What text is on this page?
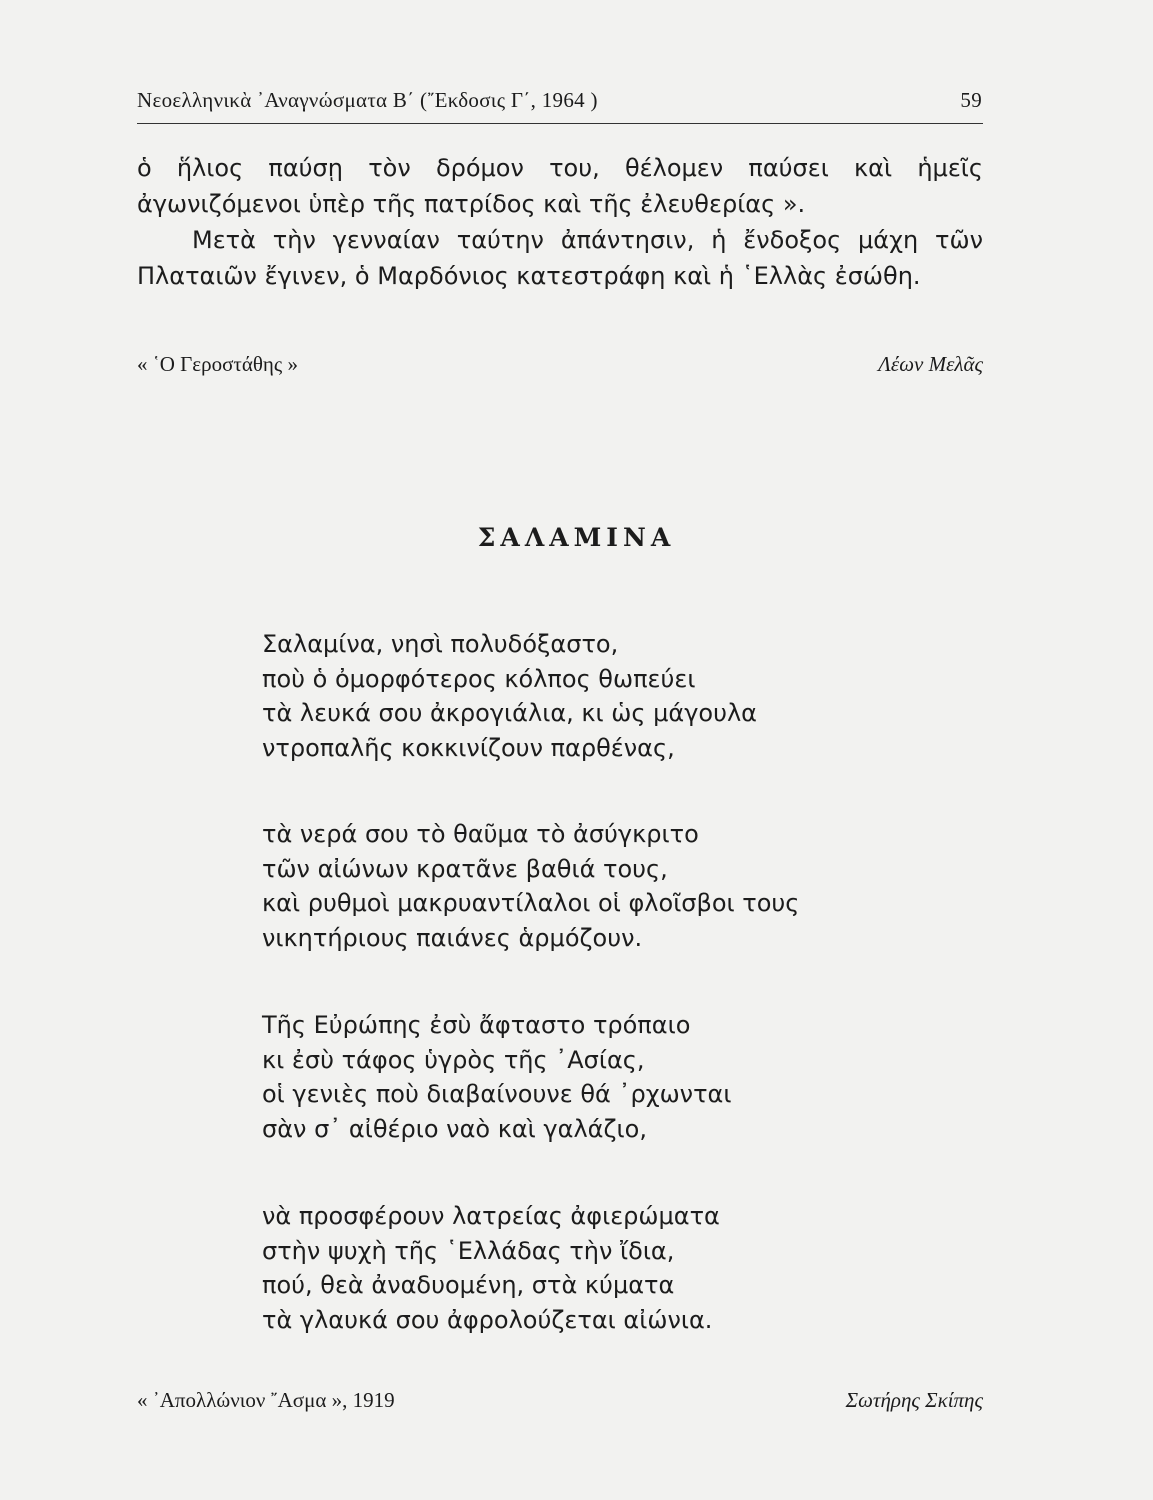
Νεοελληνικὰ ᾿Αναγνώσματα Β΄ (῎Εκδοσις Γ΄, 1964 )	59

ὁ ἥλιος παύσῃ τὸν δρόμον του, θέλομεν παύσει καὶ ἡμεῖς ἀγωνιζόμενοι ὑπὲρ τῆς πατρίδος καὶ τῆς ἐλευθερίας ».

Μετὰ τὴν γενναίαν ταύτην ἀπάντησιν, ἡ ἔνδοξος μάχη τῶν Πλαταιῶν ἔγινεν, ὁ Μαρδόνιος κατεστράφη καὶ ἡ ῾Ελλὰς ἐσώθη.

« ῾Ο Γεροστάθης »	Λέων Μελᾶς
ΣΑΛΑΜΙΝΑ
Σαλαμίνα, νησὶ πολυδόξαστο,
ποὺ ὁ ὀμορφότερος κόλπος θωπεύει
τὰ λευκά σου ἀκρογιάλια, κι ὡς μάγουλα
ντροπαλῆς κοκκινίζουν παρθένας,
τὰ νερά σου τὸ θαῦμα τὸ ἀσύγκριτο
τῶν αἰώνων κρατᾶνε βαθιά τους,
καὶ ρυθμοὶ μακρυαντίλαλοι οἱ φλοῖσβοι τους
νικητήριους παιάνες ἁρμόζουν.
Τῆς Εὐρώπης ἐσὺ ἄφταστο τρόπαιο
κι ἐσὺ τάφος ὑγρὸς τῆς ᾿Ασίας,
οἱ γενιὲς ποὺ διαβαίνουνε θά ᾿ρχωνται
σὰν σ᾿ αἰθέριο ναὸ καὶ γαλάζιο,
νὰ προσφέρουν λατρείας ἀφιερώματα
στὴν ψυχὴ τῆς ῾Ελλάδας τὴν ἴδια,
πού, θεὰ ἀναδυομένη, στὰ κύματα
τὰ γλαυκά σου ἀφρολούζεται αἰώνια.
« ᾿Απολλώνιον ῎Ασμα », 1919	Σωτήρης Σκίπης
